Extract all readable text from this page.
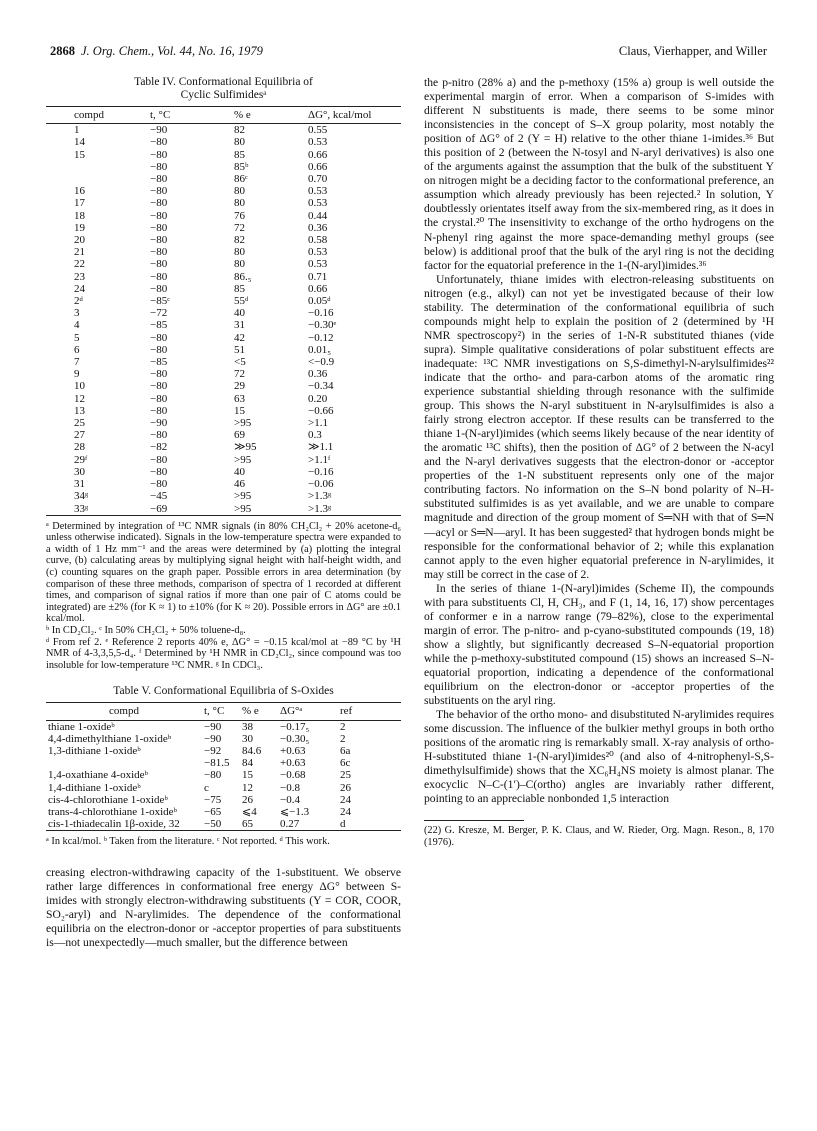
2868 J. Org. Chem., Vol. 44, No. 16, 1979	Claus, Vierhapper, and Willer
Table IV. Conformational Equilibria of
Cyclic Sulfimidesᵃ
compd	t, °C	% e	ΔG°, kcal/mol
1	−90	82	0.55
14	−80	80	0.53
15	−80	85	0.66
	−80	85ᵇ	0.66
	−80	86ᶜ	0.70
16	−80	80	0.53
17	−80	80	0.53
18	−80	76	0.44
19	−80	72	0.36
20	−80	82	0.58
21	−80	80	0.53
22	−80	80	0.53
23	−80	86.₅	0.71
24	−80	85	0.66
2ᵈ	−85ᶜ	55ᵈ	0.05ᵈ
3	−72	40	−0.16
4	−85	31	−0.30ᵉ
5	−80	42	−0.12
6	−80	51	0.01₅
7	−85	<5	<−0.9
9	−80	72	0.36
10	−80	29	−0.34
12	−80	63	0.20
13	−80	15	−0.66
25	−90	>95	>1.1
27	−80	69	0.3
28	−82	≫95	≫1.1
29ᶠ	−80	>95	>1.1ᶠ
30	−80	40	−0.16
31	−80	46	−0.06
34ᵍ	−45	>95	>1.3ᵍ
33ᵍ	−69	>95	>1.3ᵍ

ᵃ Determined by integration of ¹³C NMR signals (in 80% CH₂Cl₂ + 20% acetone-d₆ unless otherwise indicated). Signals in the low-temperature spectra were expanded to a width of 1 Hz mm⁻¹ and the areas were determined by (a) plotting the integral curve, (b) calculating areas by multiplying signal height with half-height width, and (c) counting squares on the graph paper. Possible errors in area determination (by comparison of these three methods, comparison of spectra of 1 recorded at different times, and comparison of signal ratios if more than one pair of C atoms could be integrated) are ±2% (for K ≈ 1) to ±10% (for K ≈ 20). Possible errors in ΔG° are ±0.1 kcal/mol.

ᵇ In CD₂Cl₂. ᶜ In 50% CH₂Cl₂ + 50% toluene-d₈.

ᵈ From ref 2. ᵉ Reference 2 reports 40% e, ΔG° = −0.15 kcal/mol at −89 °C by ¹H NMR of 4-3,3,5,5-d₄. ᶠ Determined by ¹H NMR in CD₂Cl₂, since compound was too insoluble for low-temperature ¹³C NMR. ᵍ In CDCl₃.

Table V. Conformational Equilibria of S-Oxides
compd	t, °C	% e	ΔG°ᵃ	ref
thiane 1-oxideᵇ	−90	38	−0.17₅	2
4,4-dimethylthiane 1-oxideᵇ	−90	30	−0.30₅	2
1,3-dithiane 1-oxideᵇ	−92	84.6	+0.63	6a
	−81.5	84	+0.63	6c
1,4-oxathiane 4-oxideᵇ	−80	15	−0.68	25
1,4-dithiane 1-oxideᵇ	c	12	−0.8	26
cis-4-chlorothiane 1-oxideᵇ	−75	26	−0.4	24
trans-4-chlorothiane 1-oxideᵇ	−65	⩽4	⩽−1.3	24
cis-1-thiadecalin 1β-oxide, 32	−50	65	0.27	d

ᵃ In kcal/mol. ᵇ Taken from the literature. ᶜ Not reported. ᵈ This work.

creasing electron-withdrawing capacity of the 1-substituent. We observe rather large differences in conformational free energy ΔG° between S-imides with strongly electron-withdrawing substituents (Y = COR, COOR, SO₂-aryl) and N-arylimides. The dependence of the conformational equilibria on the electron-donor or -acceptor properties of para substituents is—not unexpectedly—much smaller, but the difference between

the p-nitro (28% a) and the p-methoxy (15% a) group is well outside the experimental margin of error. When a comparison of S-imides with different N substituents is made, there seems to be some minor inconsistencies in the concept of S–X group polarity, most notably the position of ΔG° of 2 (Y = H) relative to the other thiane 1-imides.³⁶ But this position of 2 (between the N-tosyl and N-aryl derivatives) is also one of the arguments against the assumption that the bulk of the substituent Y on nitrogen might be a deciding factor to the conformational preference, an assumption which already previously has been rejected.² In solution, Y doubtlessly orientates itself away from the six-membered ring, as it does in the crystal.²⁰ The insensitivity to exchange of the ortho hydrogens on the N-phenyl ring against the more space-demanding methyl groups (see below) is additional proof that the bulk of the aryl ring is not the deciding factor for the equatorial preference in the 1-(N-aryl)imides.³⁶

Unfortunately, thiane imides with electron-releasing substituents on nitrogen (e.g., alkyl) can not yet be investigated because of their low stability. The determination of the conformational equilibria of such compounds might help to explain the position of 2 (determined by ¹H NMR spectroscopy²) in the series of 1-N-R substituted thianes (vide supra). Simple qualitative considerations of polar substituent effects are inadequate: ¹³C NMR investigations on S,S-dimethyl-N-arylsulfimides²² indicate that the ortho- and para-carbon atoms of the aromatic ring experience substantial shielding through resonance with the sulfimide group. This shows the N-aryl substituent in N-arylsulfimides is also a fairly strong electron acceptor. If these results can be transferred to the thiane 1-(N-aryl)imides (which seems likely because of the near identity of the aromatic ¹³C shifts), then the position of ΔG° of 2 between the N-acyl and the N-aryl derivatives suggests that the electron-donor or -acceptor properties of the 1-N substituent represents only one of the major contributing factors. No information on the S–N bond polarity of N–H-substituted sulfimides is as yet available, and we are unable to compare magnitude and direction of the group moment of S═NH with that of S═N—acyl or S═N—aryl. It has been suggested² that hydrogen bonds might be responsible for the conformational behavior of 2; while this explanation cannot apply to the even higher equatorial preference in N-arylimides, it may still be correct in the case of 2.

In the series of thiane 1-(N-aryl)imides (Scheme II), the compounds with para substituents Cl, H, CH₃, and F (1, 14, 16, 17) show percentages of conformer e in a narrow range (79–82%), close to the experimental margin of error. The p-nitro- and p-cyano-substituted compounds (19, 18) show a slightly, but significantly decreased S–N-equatorial proportion while the p-methoxy-substituted compound (15) shows an increased S–N-equatorial proportion, indicating a dependence of the conformational equilibrium on the electron-donor or -acceptor properties of the substituents on the aryl ring.

The behavior of the ortho mono- and disubstituted N-arylimides requires some discussion. The influence of the bulkier methyl groups in both ortho positions of the aromatic ring is remarkably small. X-ray analysis of ortho-H-substituted thiane 1-(N-aryl)imides²⁰ (and also of 4-nitrophenyl-S,S-dimethylsulfimide) shows that the XC₆H₄NS moiety is almost planar. The exocyclic N–C-(1′)–C(ortho) angles are invariably rather different, pointing to an appreciable nonbonded 1,5 interaction

(22) G. Kresze, M. Berger, P. K. Claus, and W. Rieder, Org. Magn. Reson., 8, 170 (1976).
